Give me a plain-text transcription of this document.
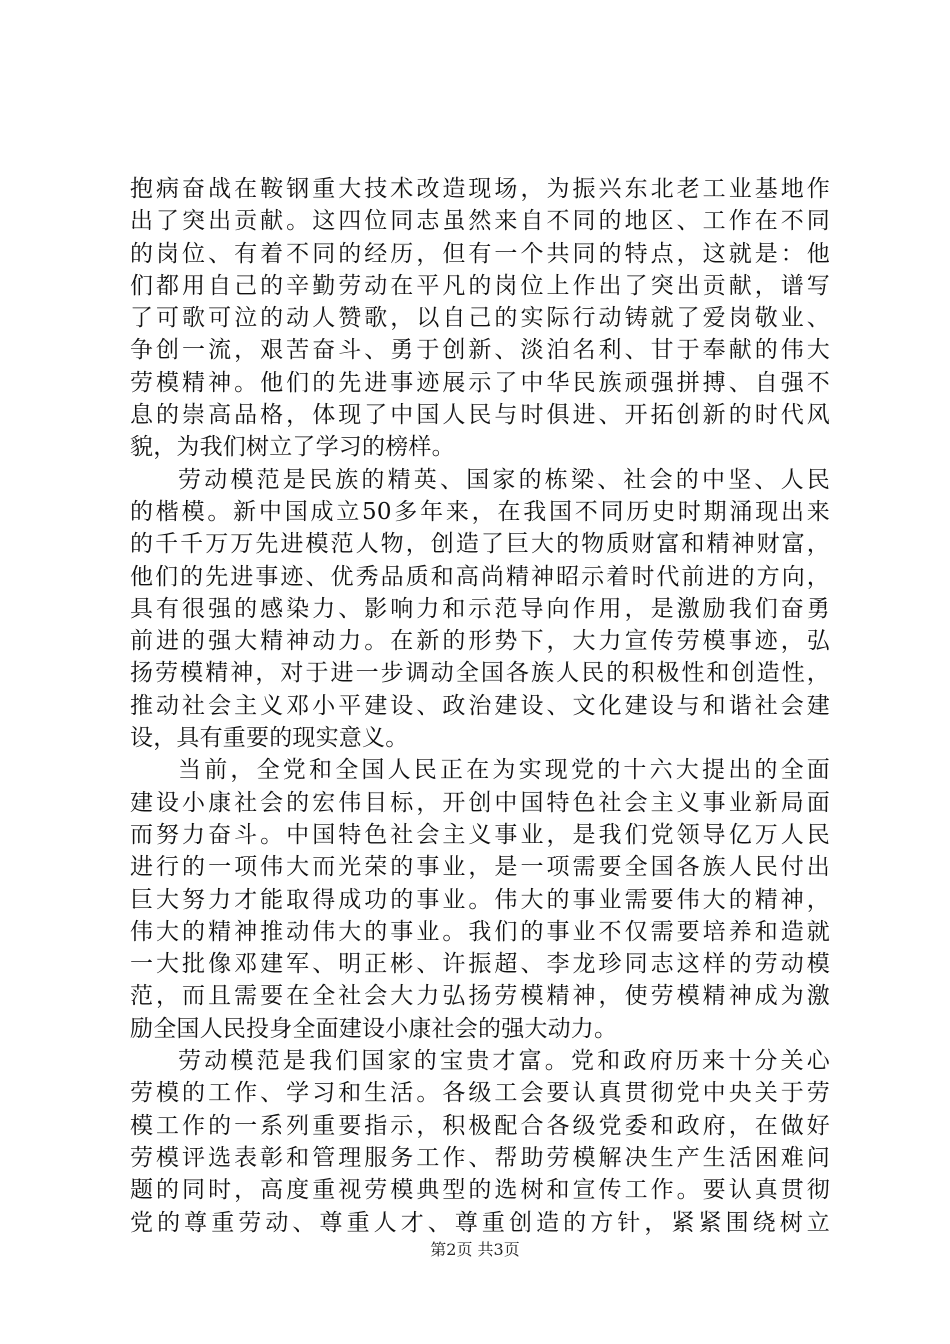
抱病奋战在鞍钢重大技术改造现场，为振兴东北老工业基地作
出了突出贡献。这四位同志虽然来自不同的地区、工作在不同
的岗位、有着不同的经历，但有一个共同的特点，这就是：他
们都用自己的辛勤劳动在平凡的岗位上作出了突出贡献，谱写
了可歌可泣的动人赞歌，以自己的实际行动铸就了爱岗敬业、
争创一流，艰苦奋斗、勇于创新、淡泊名利、甘于奉献的伟大
劳模精神。他们的先进事迹展示了中华民族顽强拼搏、自强不
息的崇高品格，体现了中国人民与时俱进、开拓创新的时代风
貌，为我们树立了学习的榜样。
劳动模范是民族的精英、国家的栋梁、社会的中坚、人民
的楷模。新中国成立50多年来，在我国不同历史时期涌现出来
的千千万万先进模范人物，创造了巨大的物质财富和精神财富，
他们的先进事迹、优秀品质和高尚精神昭示着时代前进的方向，
具有很强的感染力、影响力和示范导向作用，是激励我们奋勇
前进的强大精神动力。在新的形势下，大力宣传劳模事迹，弘
扬劳模精神，对于进一步调动全国各族人民的积极性和创造性，
推动社会主义邓小平建设、政治建设、文化建设与和谐社会建
设，具有重要的现实意义。
当前，全党和全国人民正在为实现党的十六大提出的全面
建设小康社会的宏伟目标，开创中国特色社会主义事业新局面
而努力奋斗。中国特色社会主义事业，是我们党领导亿万人民
进行的一项伟大而光荣的事业，是一项需要全国各族人民付出
巨大努力才能取得成功的事业。伟大的事业需要伟大的精神，
伟大的精神推动伟大的事业。我们的事业不仅需要培养和造就
一大批像邓建军、明正彬、许振超、李龙珍同志这样的劳动模
范，而且需要在全社会大力弘扬劳模精神，使劳模精神成为激
励全国人民投身全面建设小康社会的强大动力。
劳动模范是我们国家的宝贵才富。党和政府历来十分关心
劳模的工作、学习和生活。各级工会要认真贯彻党中央关于劳
模工作的一系列重要指示，积极配合各级党委和政府，在做好
劳模评选表彰和管理服务工作、帮助劳模解决生产生活困难问
题的同时，高度重视劳模典型的选树和宣传工作。要认真贯彻
党的尊重劳动、尊重人才、尊重创造的方针，紧紧围绕树立
第2页 共3页
